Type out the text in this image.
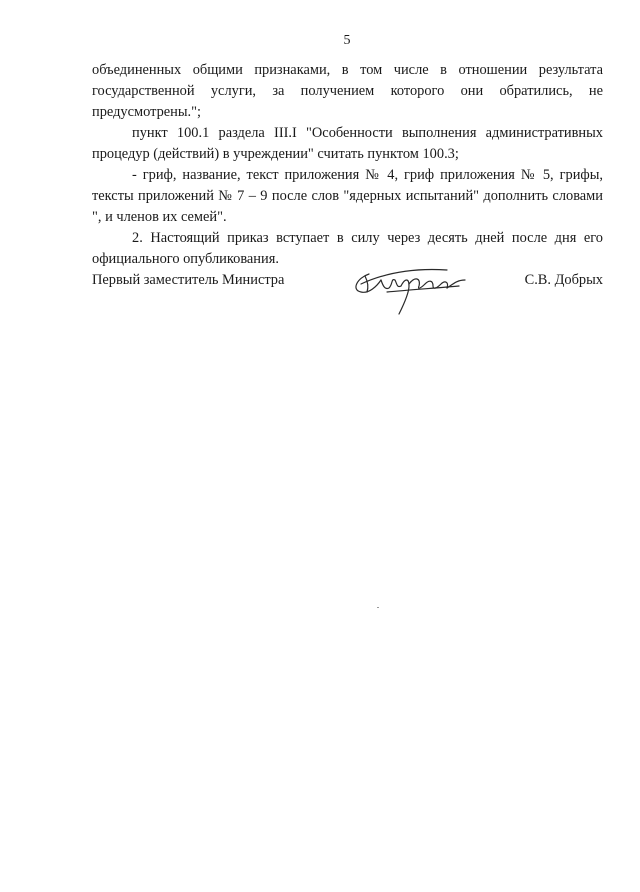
5

объединенных общими признаками, в том числе в отношении результата государственной услуги, за получением которого они обратились, не предусмотрены.";

пункт 100.1 раздела III.I "Особенности выполнения административных процедур (действий) в учреждении" считать пунктом 100.3;

- гриф, название, текст приложения № 4, гриф приложения № 5, грифы, тексты приложений № 7 – 9 после слов "ядерных испытаний" дополнить словами ", и членов их семей".

2. Настоящий приказ вступает в силу через десять дней после дня его официального опубликования.

Первый заместитель Министра	С.В. Добрых
